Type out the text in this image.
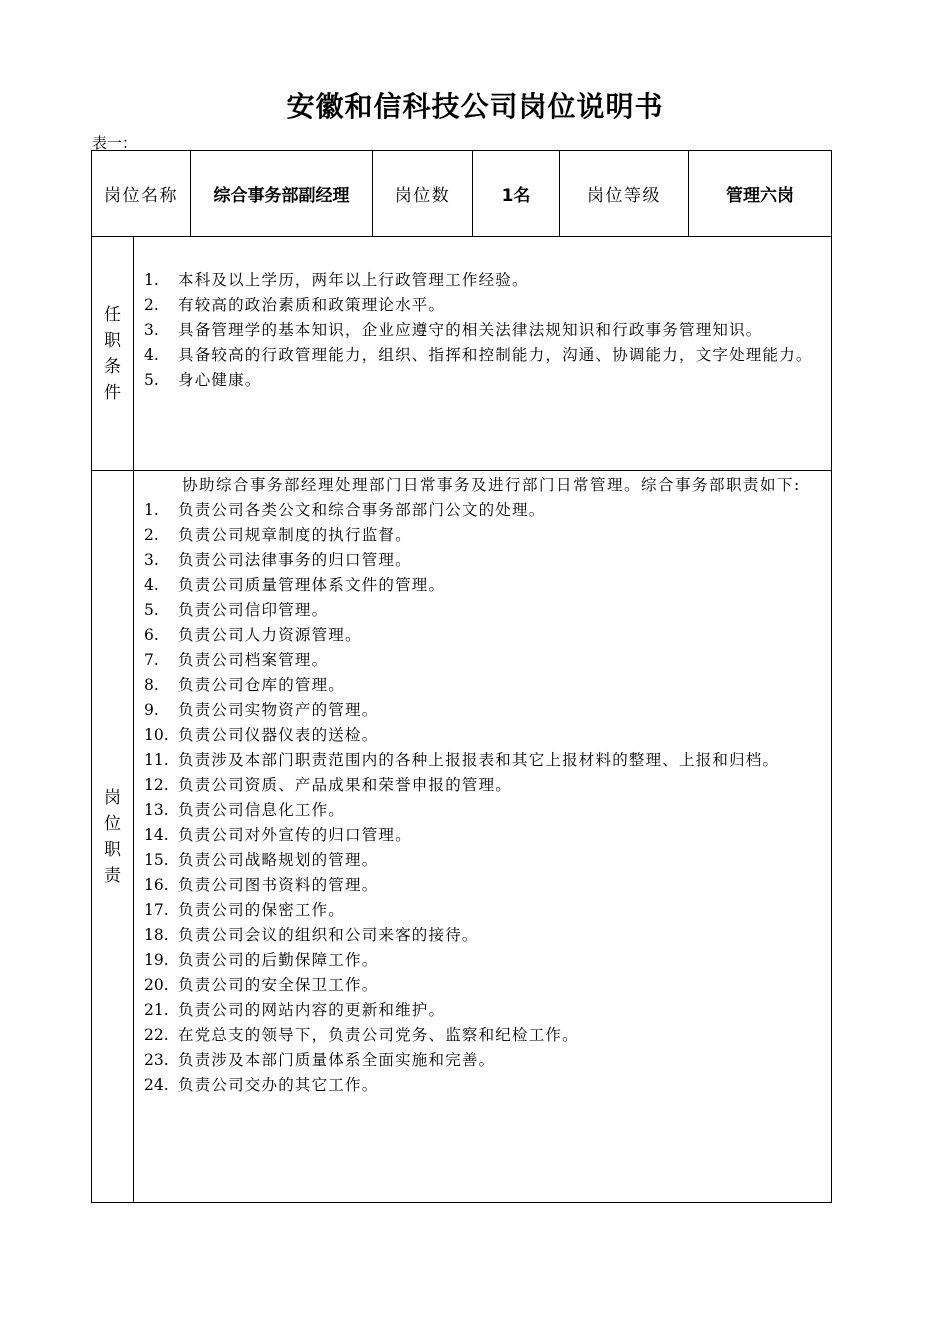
安徽和信科技公司岗位说明书
表一：
岗位名称	综合事务部副经理	岗位数	1名	岗位等级	管理六岗
任职条件
1.	本科及以上学历，两年以上行政管理工作经验。
2.	有较高的政治素质和政策理论水平。
3.	具备管理学的基本知识，企业应遵守的相关法律法规知识和行政事务管理知识。
4.	具备较高的行政管理能力，组织、指挥和控制能力，沟通、协调能力，文字处理能力。
5.	身心健康。
岗位职责
协助综合事务部经理处理部门日常事务及进行部门日常管理。综合事务部职责如下:
1.	负责公司各类公文和综合事务部部门公文的处理。
2.	负责公司规章制度的执行监督。
3.	负责公司法律事务的归口管理。
4.	负责公司质量管理体系文件的管理。
5.	负责公司信印管理。
6.	负责公司人力资源管理。
7.	负责公司档案管理。
8.	负责公司仓库的管理。
9.	负责公司实物资产的管理。
10. 负责公司仪器仪表的送检。
11. 负责涉及本部门职责范围内的各种上报报表和其它上报材料的整理、上报和归档。
12. 负责公司资质、产品成果和荣誉申报的管理。
13. 负责公司信息化工作。
14. 负责公司对外宣传的归口管理。
15. 负责公司战略规划的管理。
16. 负责公司图书资料的管理。
17. 负责公司的保密工作。
18. 负责公司会议的组织和公司来客的接待。
19. 负责公司的后勤保障工作。
20. 负责公司的安全保卫工作。
21. 负责公司的网站内容的更新和维护。
22. 在党总支的领导下，负责公司党务、监察和纪检工作。
23. 负责涉及本部门质量体系全面实施和完善。
24. 负责公司交办的其它工作。
